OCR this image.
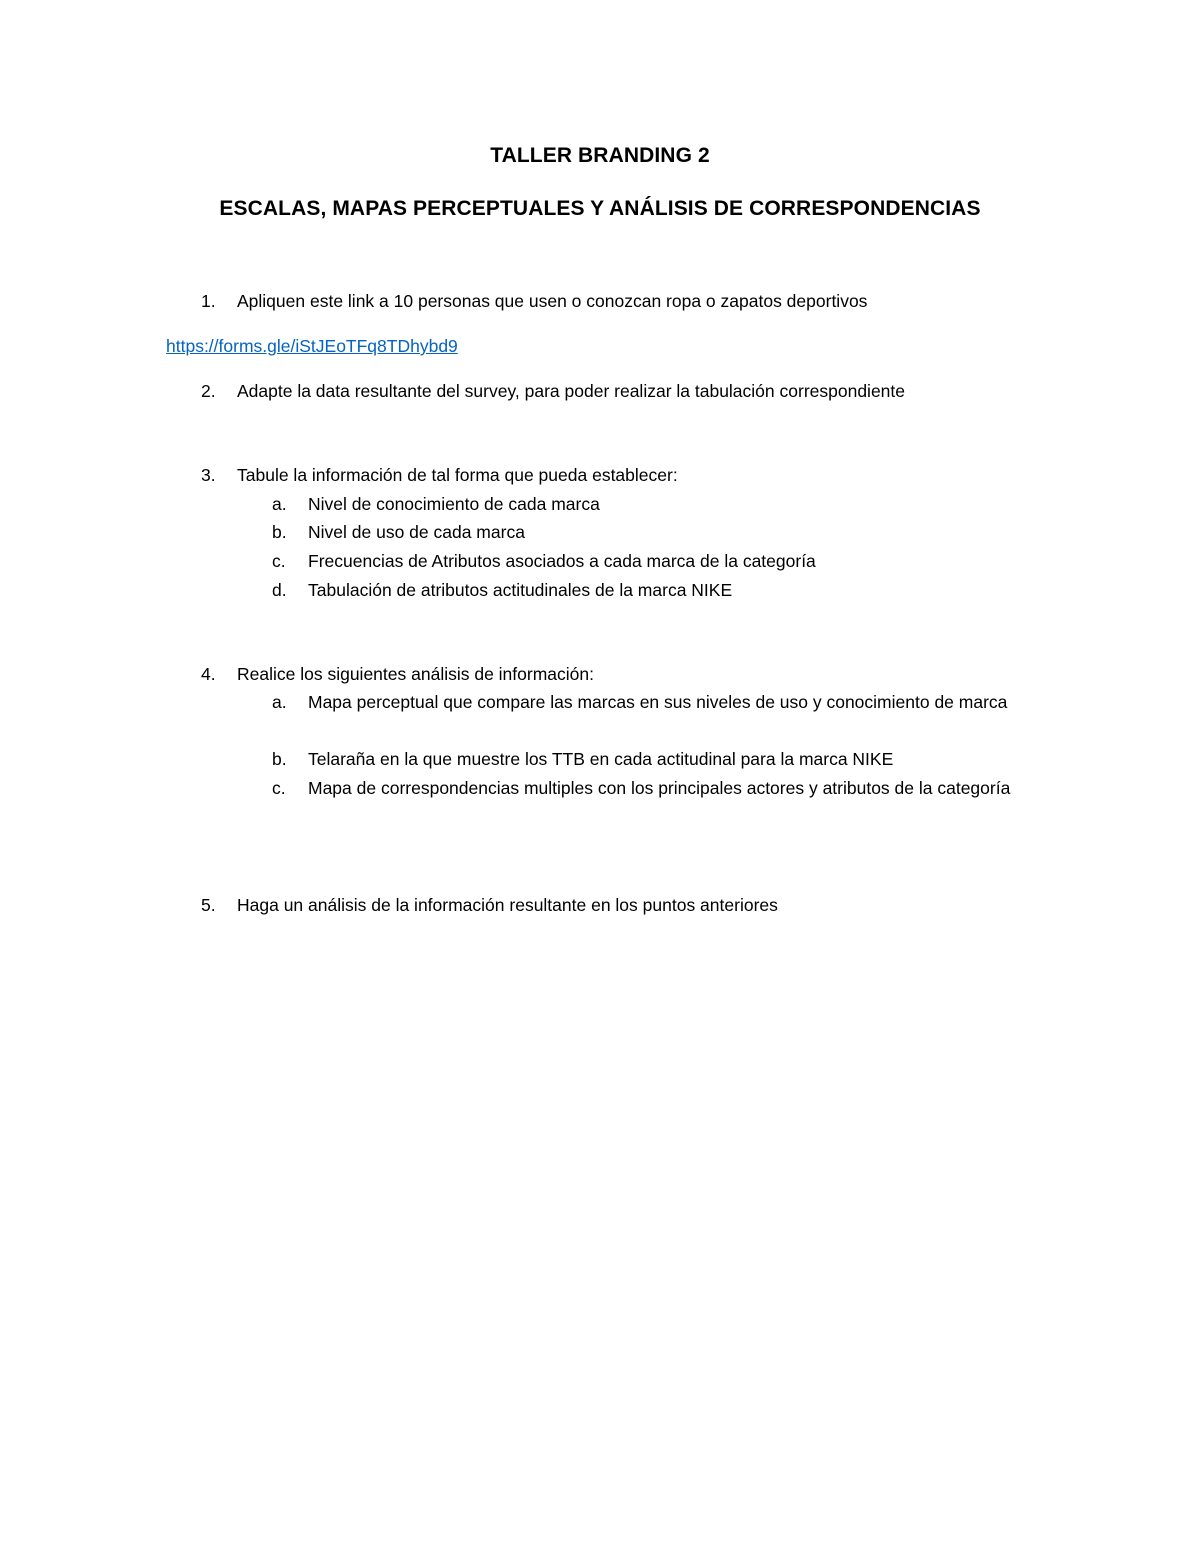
TALLER BRANDING 2
ESCALAS, MAPAS PERCEPTUALES Y ANÁLISIS DE CORRESPONDENCIAS
1.	Apliquen este link a 10 personas que usen o conozcan ropa o zapatos deportivos
https://forms.gle/iStJEoTFq8TDhybd9
2.	Adapte la data resultante del survey, para poder realizar la tabulación correspondiente
3.	Tabule la información de tal forma que pueda establecer:
a.	Nivel de conocimiento de cada marca
b.	Nivel de uso de cada marca
c.	Frecuencias de Atributos asociados a cada marca de la categoría
d.	Tabulación de atributos actitudinales de la marca NIKE
4.	Realice los siguientes análisis de información:
a.	Mapa perceptual que compare las marcas en sus niveles de uso y conocimiento de marca
b.	Telaraña en la que muestre los TTB en cada actitudinal para la marca NIKE
c.	Mapa de correspondencias multiples con los principales actores y atributos de la categoría
5.	Haga un análisis de la información resultante en los puntos anteriores
